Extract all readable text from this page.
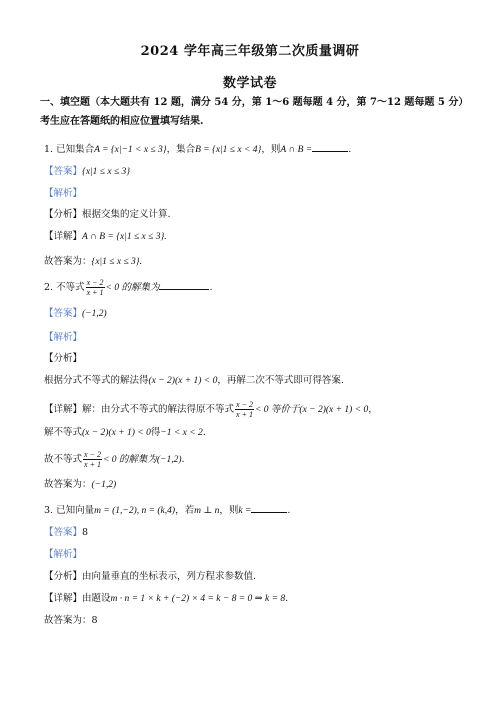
2024 学年高三年级第二次质量调研
数学试卷
一、填空题（本大题共有 12 题，满分 54 分，第 1～6 题每题 4 分，第 7～12 题每题 5 分）
考生应在答题纸的相应位置填写结果.
1. 已知集合A = {x|−1 < x ≤ 3}，集合B = {x|1 ≤ x < 4}，则A ∩ B =	.
【答案】{x|1 ≤ x ≤ 3}
【解析】
【分析】根据交集的定义计算.
【详解】A ∩ B = {x|1 ≤ x ≤ 3}.
故答案为：{x|1 ≤ x ≤ 3}.
2. 不等式 $\frac{x - 2}{x + 1} < 0$ 的解集为	.
【答案】(−1,2)
【解析】
【分析】
根据分式不等式的解法得(x − 2)(x + 1) < 0，再解二次不等式即可得答案.
【详解】解：由分式不等式的解法得原不等式 $\frac{x - 2}{x + 1} < 0$ 等价于(x − 2)(x + 1) < 0，
解不等式(x − 2)(x + 1) < 0得−1 < x < 2.
故不等式 $\frac{x - 2}{x + 1} < 0$ 的解集为(−1,2).
故答案为：(−1,2)
3. 已知向量m = (1,−2), n = (k,4)，若m ⊥ n，则k =	.
【答案】8
【解析】
【分析】由向量垂直的坐标表示，列方程求参数值.
【详解】由题设m · n = 1 × k + (−2) × 4 = k − 8 = 0 ⇒ k = 8.
故答案为：8
